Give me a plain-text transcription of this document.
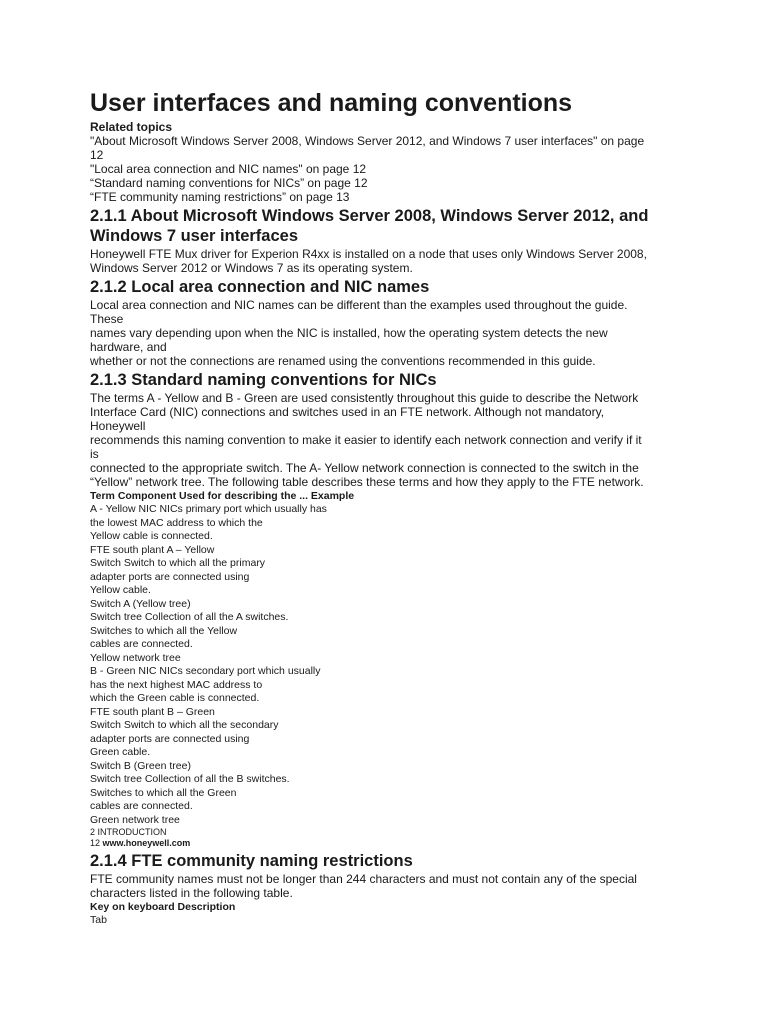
User interfaces and naming conventions
Related topics
"About Microsoft Windows Server 2008, Windows Server 2012, and Windows 7 user interfaces" on page
12
"Local area connection and NIC names" on page 12
“Standard naming conventions for NICs” on page 12
“FTE community naming restrictions” on page 13
2.1.1 About Microsoft Windows Server 2008, Windows Server 2012, and Windows 7 user interfaces
Honeywell FTE Mux driver for Experion R4xx is installed on a node that uses only Windows Server 2008,
Windows Server 2012 or Windows 7 as its operating system.
2.1.2 Local area connection and NIC names
Local area connection and NIC names can be different than the examples used throughout the guide.
These
names vary depending upon when the NIC is installed, how the operating system detects the new
hardware, and
whether or not the connections are renamed using the conventions recommended in this guide.
2.1.3 Standard naming conventions for NICs
The terms A - Yellow and B - Green are used consistently throughout this guide to describe the Network
Interface Card (NIC) connections and switches used in an FTE network. Although not mandatory,
Honeywell
recommends this naming convention to make it easier to identify each network connection and verify if it
is
connected to the appropriate switch. The A- Yellow network connection is connected to the switch in the
“Yellow” network tree. The following table describes these terms and how they apply to the FTE network.
Term Component Used for describing the ... Example
A - Yellow NIC NICs primary port which usually has
the lowest MAC address to which the
Yellow cable is connected.
FTE south plant A – Yellow
Switch Switch to which all the primary
adapter ports are connected using
Yellow cable.
Switch A (Yellow tree)
Switch tree Collection of all the A switches.
Switches to which all the Yellow
cables are connected.
Yellow network tree
B - Green NIC NICs secondary port which usually
has the next highest MAC address to
which the Green cable is connected.
FTE south plant B – Green
Switch Switch to which all the secondary
adapter ports are connected using
Green cable.
Switch B (Green tree)
Switch tree Collection of all the B switches.
Switches to which all the Green
cables are connected.
Green network tree
2 INTRODUCTION
12 www.honeywell.com
2.1.4 FTE community naming restrictions
FTE community names must not be longer than 244 characters and must not contain any of the special
characters listed in the following table.
Key on keyboard Description
Tab
